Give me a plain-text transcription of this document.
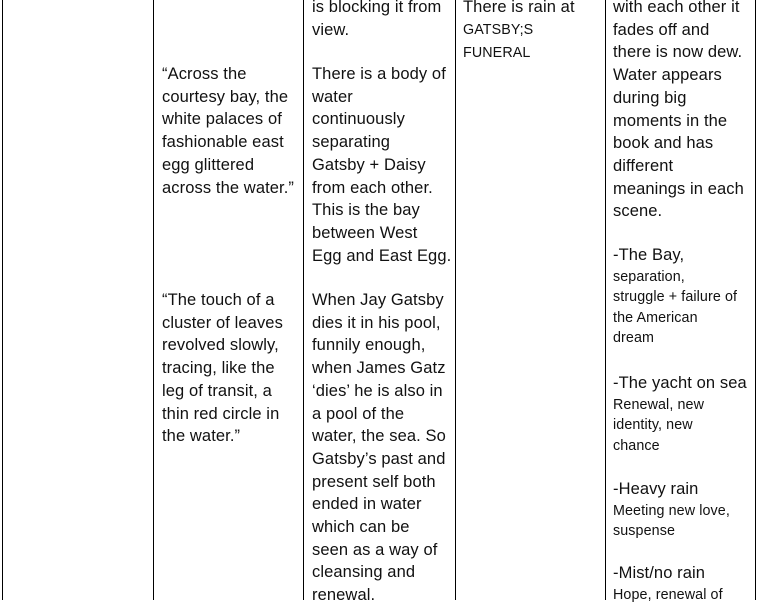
“Across the
courtesy bay, the
white palaces of
fashionable east
egg glittered
across the water.”
“The touch of a
cluster of leaves
revolved slowly,
tracing, like the
leg of transit, a
thin red circle in
the water.”
is blocking it from
view.
There is a body of
water
continuously
separating
Gatsby + Daisy
from each other.
This is the bay
between West
Egg and East Egg.
When Jay Gatsby
dies it in his pool,
funnily enough,
when James Gatz
‘dies’ he is also in
a pool of the
water, the sea. So
Gatsby’s past and
present self both
ended in water
which can be
seen as a way of
cleansing and
renewal.
There is rain at
GATSBY;S
FUNERAL
with each other it
fades off and
there is now dew.
Water appears
during big
moments in the
book and has
different
meanings in each
scene.
-The Bay,
separation,
struggle + failure of
the American
dream
-The yacht on sea
Renewal, new
identity, new
chance
-Heavy rain
Meeting new love,
suspense
-Mist/no rain
Hope, renewal of
